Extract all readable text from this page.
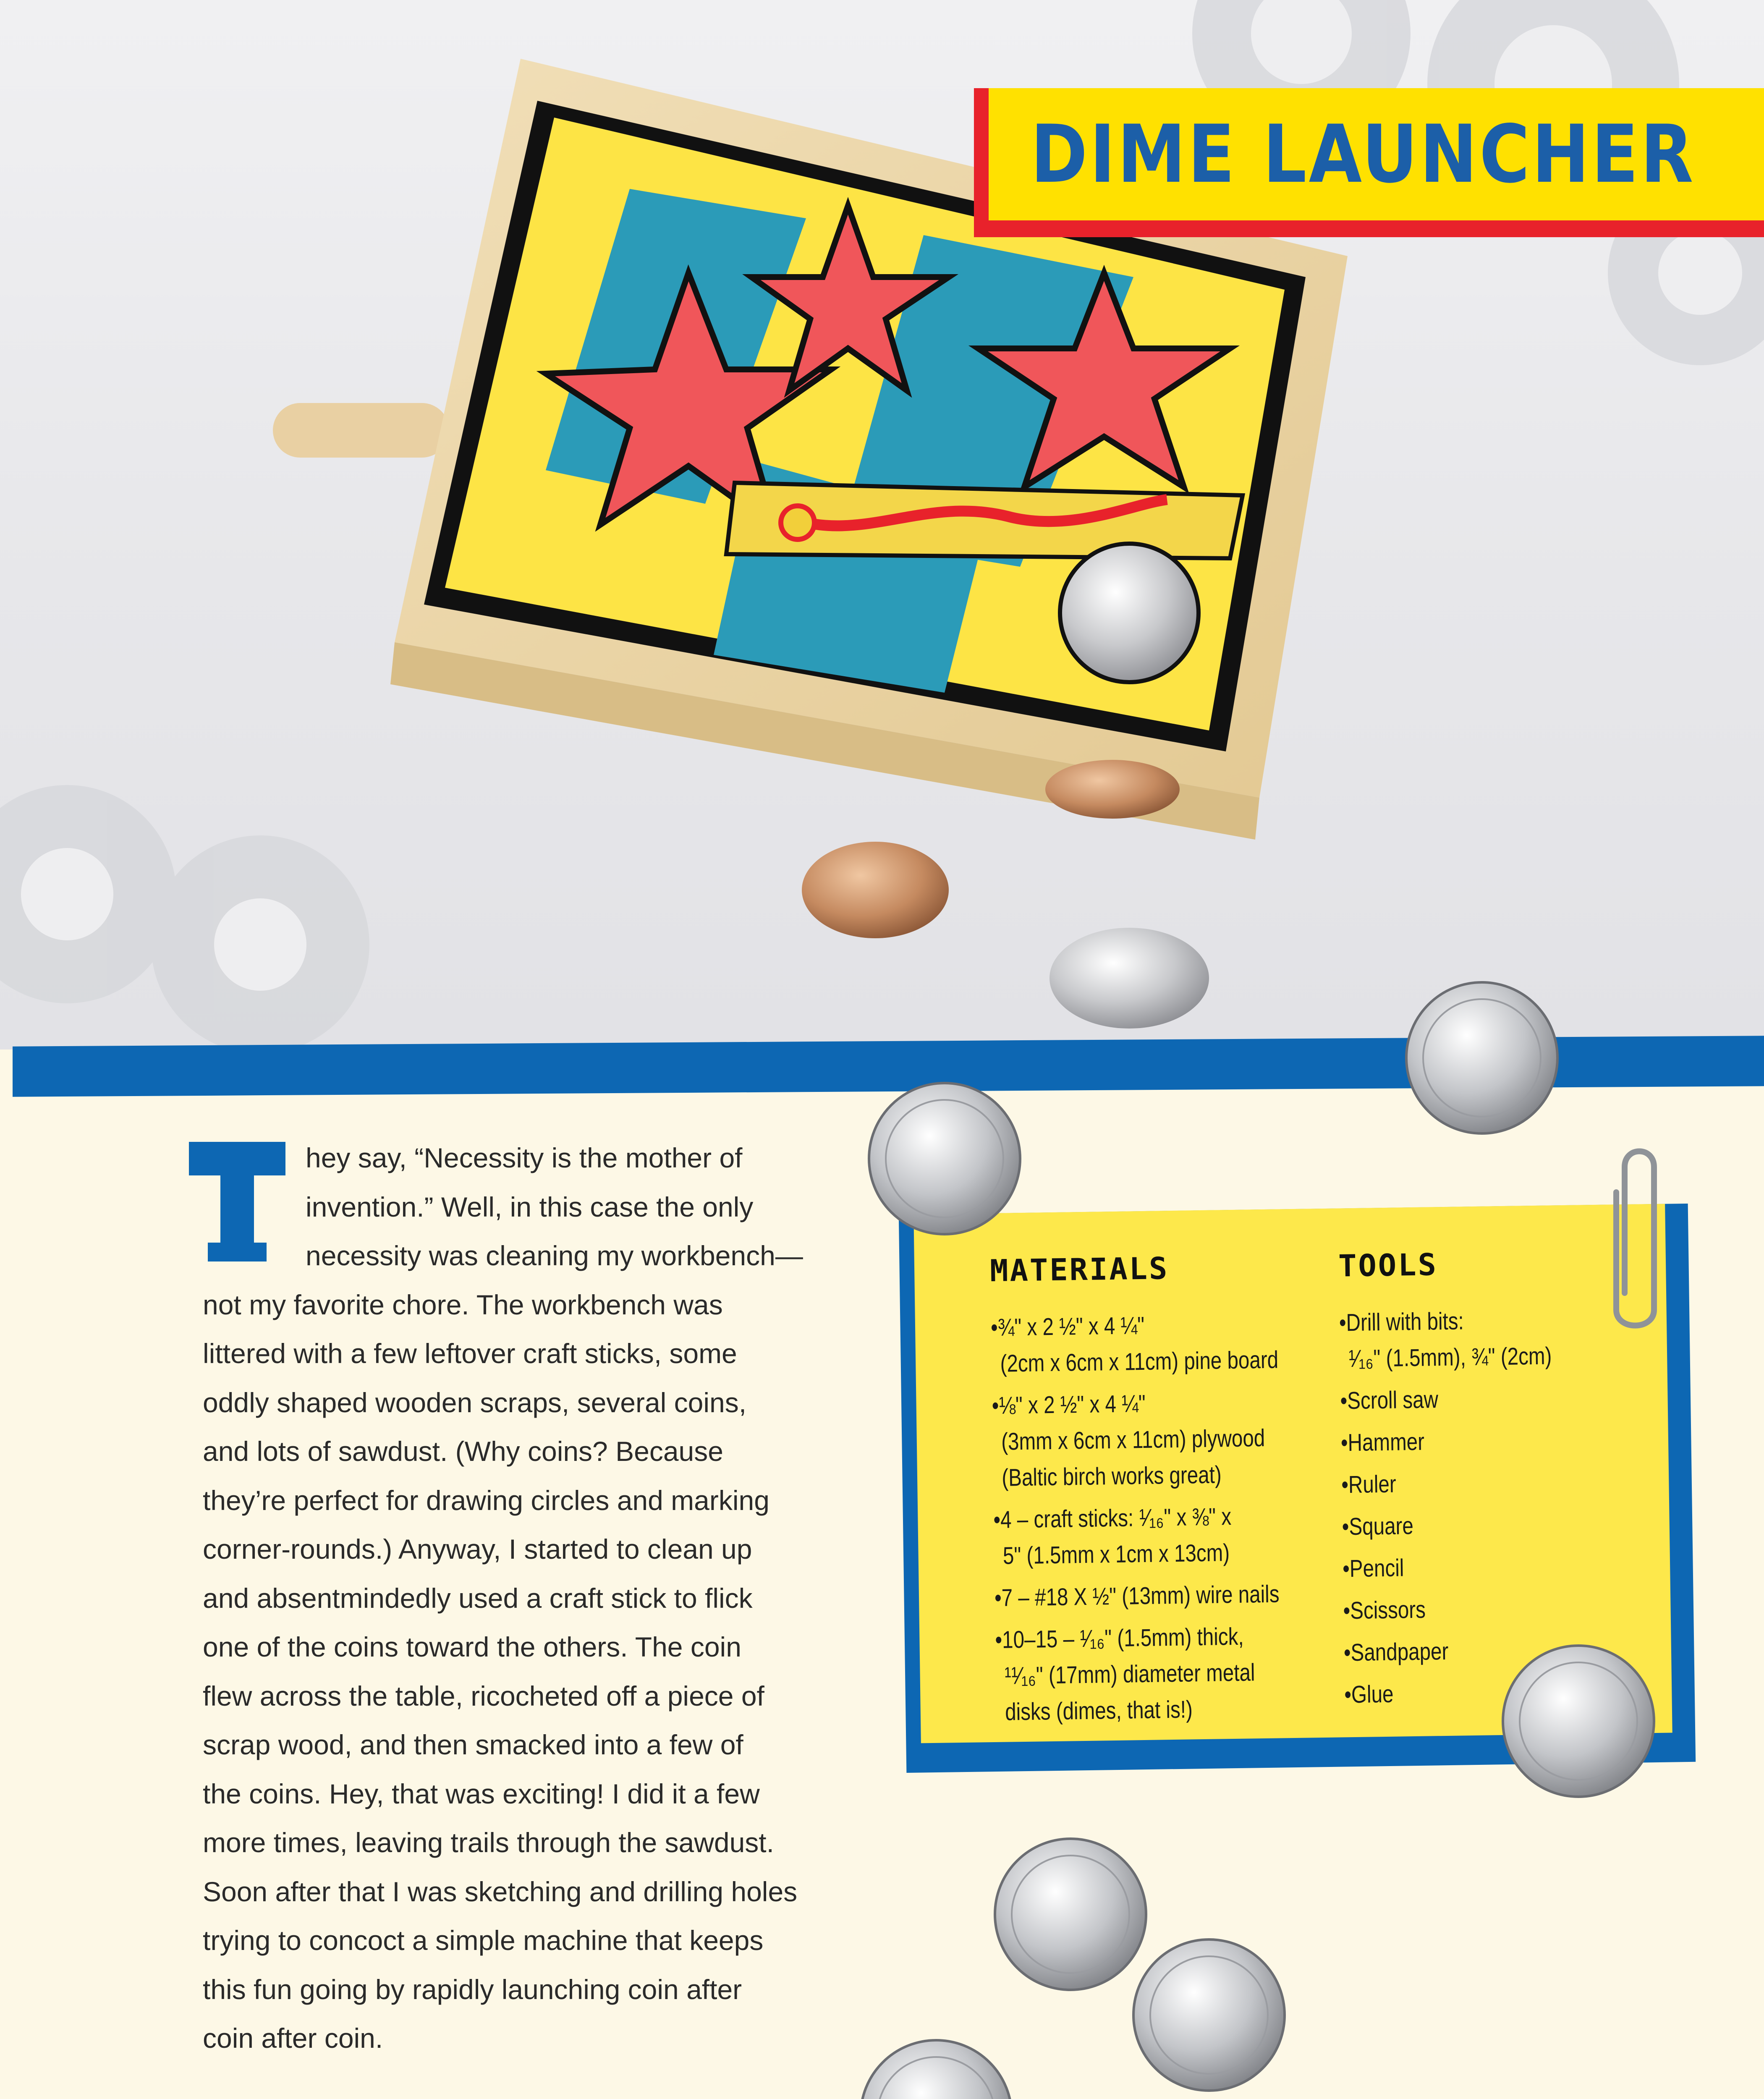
DIME LAUNCHER
hey say, “Necessity is the mother of
invention.” Well, in this case the only
necessity was cleaning my workbench—
not my favorite chore. The workbench was
littered with a few leftover craft sticks, some
oddly shaped wooden scraps, several coins,
and lots of sawdust. (Why coins? Because
they’re perfect for drawing circles and marking
corner-rounds.) Anyway, I started to clean up
and absentmindedly used a craft stick to flick
one of the coins toward the others. The coin
flew across the table, ricocheted off a piece of
scrap wood, and then smacked into a few of
the coins. Hey, that was exciting! I did it a few
more times, leaving trails through the sawdust.
Soon after that I was sketching and drilling holes
trying to concoct a simple machine that keeps
this fun going by rapidly launching coin after
coin after coin.
MATERIALS	TOOLS
•¾" x 2 ½" x 4 ¼"
(2cm x 6cm x 11cm) pine board
•⅛" x 2 ½" x 4 ¼"
(3mm x 6cm x 11cm) plywood
(Baltic birch works great)
•4 – craft sticks: ¹⁄₁₆" x ⅜" x
5" (1.5mm x 1cm x 13cm)
•7 – #18 X ½" (13mm) wire nails
•10–15 – ¹⁄₁₆" (1.5mm) thick,
¹¹⁄₁₆" (17mm) diameter metal
disks (dimes, that is!)
•Drill with bits:
¹⁄₁₆" (1.5mm), ¾" (2cm)
•Scroll saw
•Hammer
•Ruler
•Square
•Pencil
•Scissors
•Sandpaper
•Glue
